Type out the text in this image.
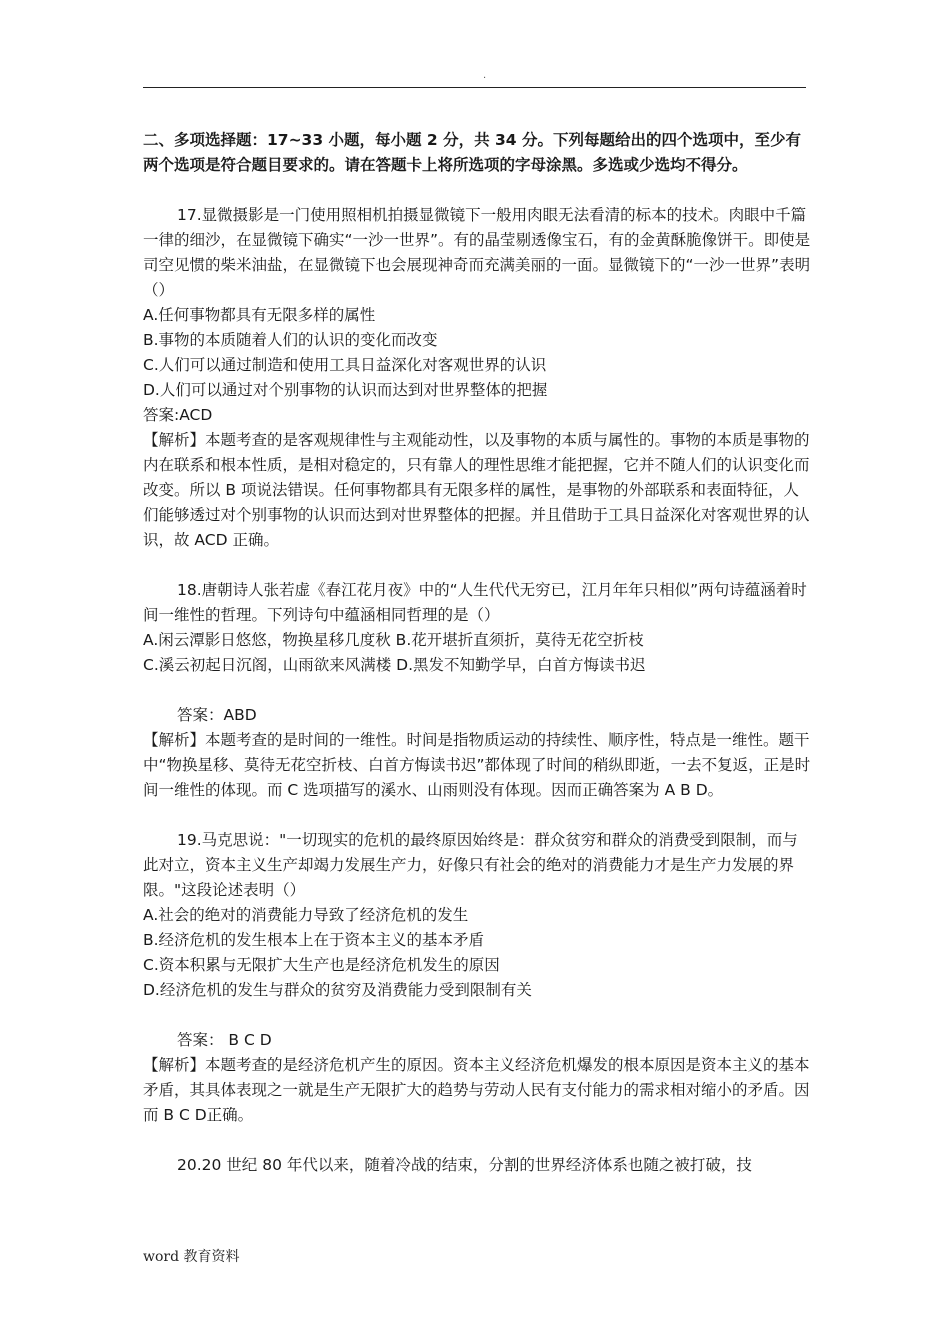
.
二、多项选择题：17~33 小题，每小题 2 分，共 34 分。下列每题给出的四个选项中，至少有两个选项是符合题目要求的。请在答题卡上将所选项的字母涂黑。多选或少选均不得分。

17.显微摄影是一门使用照相机拍摄显微镜下一般用肉眼无法看清的标本的技术。肉眼中千篇一律的细沙，在显微镜下确实“一沙一世界”。有的晶莹剔透像宝石，有的金黄酥脆像饼干。即使是司空见惯的柴米油盐，在显微镜下也会展现神奇而充满美丽的一面。显微镜下的“一沙一世界”表明（）

A.任何事物都具有无限多样的属性

B.事物的本质随着人们的认识的变化而改变

C.人们可以通过制造和使用工具日益深化对客观世界的认识

D.人们可以通过对个别事物的认识而达到对世界整体的把握

答案:ACD

【解析】本题考查的是客观规律性与主观能动性，以及事物的本质与属性的。事物的本质是事物的内在联系和根本性质，是相对稳定的，只有靠人的理性思维才能把握，它并不随人们的认识变化而改变。所以 B 项说法错误。任何事物都具有无限多样的属性，是事物的外部联系和表面特征，人们能够透过对个别事物的认识而达到对世界整体的把握。并且借助于工具日益深化对客观世界的认识，故 ACD 正确。

18.唐朝诗人张若虚《春江花月夜》中的“人生代代无穷已，江月年年只相似”两句诗蕴涵着时间一维性的哲理。下列诗句中蕴涵相同哲理的是（）

A.闲云潭影日悠悠，物换星移几度秋 B.花开堪折直须折，莫待无花空折枝

C.溪云初起日沉阁，山雨欲来风满楼 D.黑发不知勤学早，白首方悔读书迟

答案：ABD

【解析】本题考查的是时间的一维性。时间是指物质运动的持续性、顺序性，特点是一维性。题干中“物换星移、莫待无花空折枝、白首方悔读书迟”都体现了时间的稍纵即逝，一去不复返，正是时间一维性的体现。而 C 选项描写的溪水、山雨则没有体现。因而正确答案为 A B D。

19.马克思说："一切现实的危机的最终原因始终是：群众贫穷和群众的消费受到限制，而与此对立，资本主义生产却竭力发展生产力，好像只有社会的绝对的消费能力才是生产力发展的界限。"这段论述表明（）

A.社会的绝对的消费能力导致了经济危机的发生

B.经济危机的发生根本上在于资本主义的基本矛盾

C.资本积累与无限扩大生产也是经济危机发生的原因

D.经济危机的发生与群众的贫穷及消费能力受到限制有关

答案： B C D

【解析】本题考查的是经济危机产生的原因。资本主义经济危机爆发的根本原因是资本主义的基本矛盾，其具体表现之一就是生产无限扩大的趋势与劳动人民有支付能力的需求相对缩小的矛盾。因而 B C D正确。

20.20 世纪 80 年代以来，随着冷战的结束，分割的世界经济体系也随之被打破，技

word 教育资料
